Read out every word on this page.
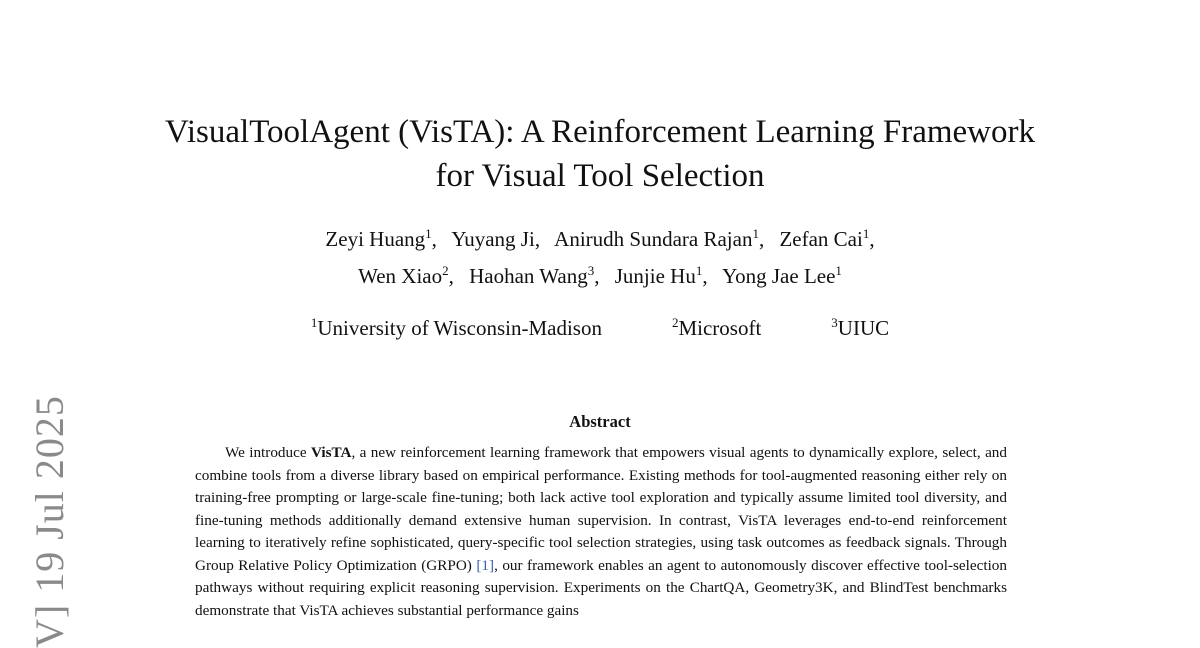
V] 19 Jul 2025
VisualToolAgent (VisTA): A Reinforcement Learning Framework
for Visual Tool Selection
Zeyi Huang$^1$, Yuyang Ji, Anirudh Sundara Rajan$^1$, Zefan Cai$^1$,
Wen Xiao$^2$, Haohan Wang$^3$, Junjie Hu$^1$, Yong Jae Lee$^1$
$^1$University of Wisconsin-Madison	$^2$Microsoft	$^3$UIUC
Abstract

We introduce VisTA, a new reinforcement learning framework that empowers visual agents to dynamically explore, select, and combine tools from a diverse library based on empirical performance. Existing methods for tool-augmented reasoning either rely on training-free prompting or large-scale fine-tuning; both lack active tool exploration and typically assume limited tool diversity, and fine-tuning methods additionally demand extensive human supervision. In contrast, VisTA leverages end-to-end reinforcement learning to iteratively refine sophisticated, query-specific tool selection strategies, using task outcomes as feedback signals. Through Group Relative Policy Optimization (GRPO) [1], our framework enables an agent to autonomously discover effective tool-selection pathways without requiring explicit reasoning supervision. Experiments on the ChartQA, Geometry3K, and BlindTest benchmarks demonstrate that VisTA achieves substantial performance gains
